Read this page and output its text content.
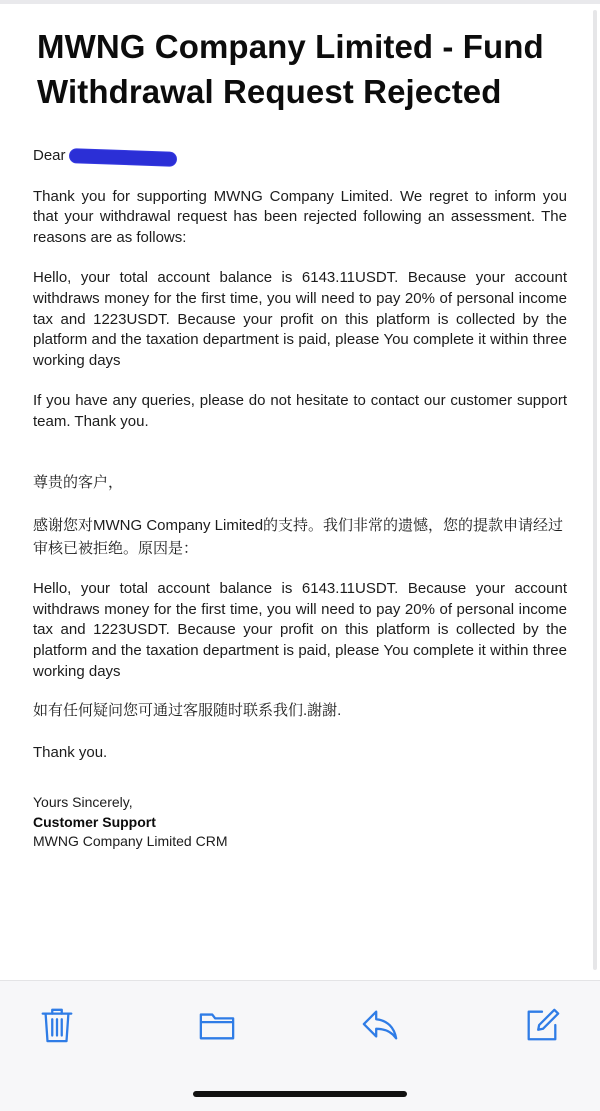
MWNG Company Limited - Fund Withdrawal Request Rejected

Dear

Thank you for supporting MWNG Company Limited. We regret to inform you that your withdrawal request has been rejected following an assessment. The reasons are as follows:

Hello, your total account balance is 6143.11USDT. Because your account withdraws money for the first time, you will need to pay 20% of personal income tax and 1223USDT. Because your profit on this platform is collected by the platform and the taxation department is paid, please You complete it within three working days

If you have any queries, please do not hesitate to contact our customer support team. Thank you.

尊贵的客户，

感谢您对MWNG Company Limited的支持。我们非常的遗憾，您的提款申请经过审核已被拒绝。原因是：

Hello, your total account balance is 6143.11USDT. Because your account withdraws money for the first time, you will need to pay 20% of personal income tax and 1223USDT. Because your profit on this platform is collected by the platform and the taxation department is paid, please You complete it within three working days

如有任何疑问您可通过客服随时联系我们.謝謝.

Thank you.

Yours Sincerely,
Customer Support
MWNG Company Limited CRM
